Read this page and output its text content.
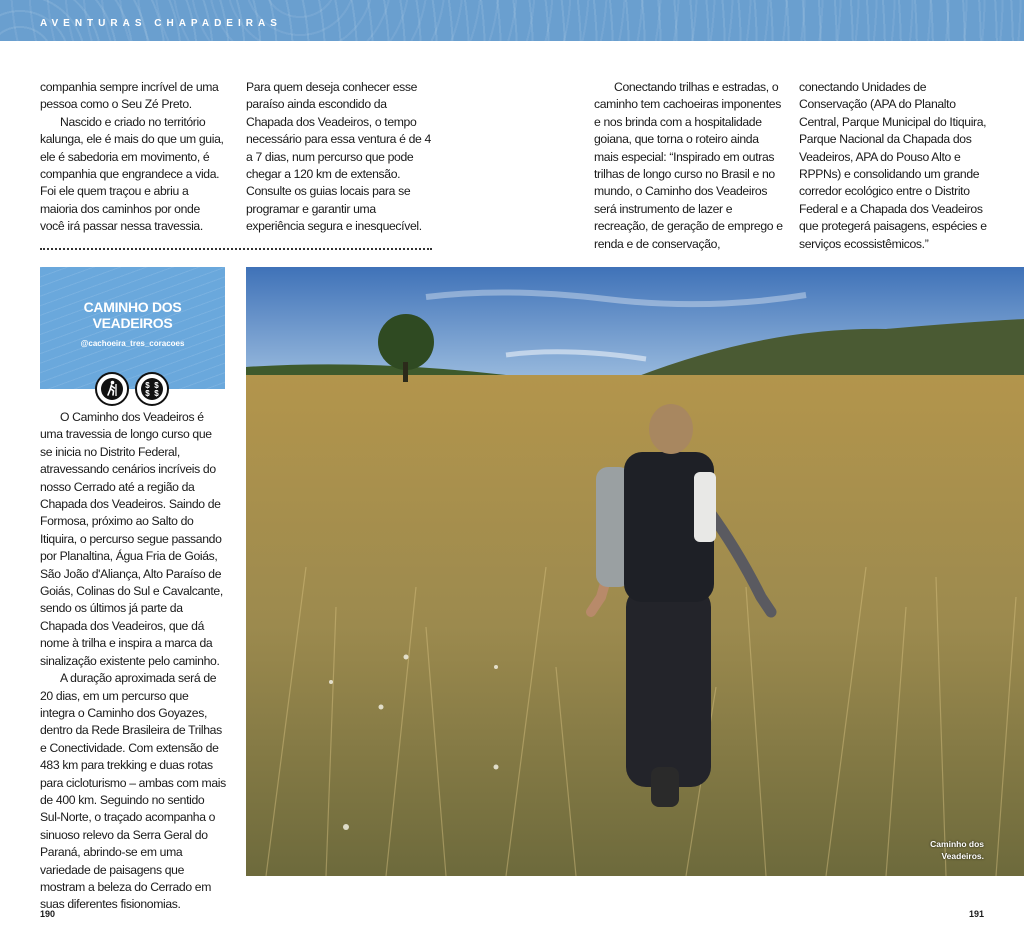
AVENTURAS CHAPADEIRAS

companhia sempre incrível de uma pessoa como o Seu Zé Preto.

Nascido e criado no território kalunga, ele é mais do que um guia, ele é sabedoria em movimento, é companhia que engrandece a vida. Foi ele quem traçou e abriu a maioria dos caminhos por onde você irá passar nessa travessia.

Para quem deseja conhecer esse paraíso ainda escondido da Chapada dos Veadeiros, o tempo necessário para essa ventura é de 4 a 7 dias, num percurso que pode chegar a 120 km de extensão. Consulte os guias locais para se programar e garantir uma experiência segura e inesquecível.

Conectando trilhas e estradas, o caminho tem cachoeiras imponentes e nos brinda com a hospitalidade goiana, que torna o roteiro ainda mais especial: “Inspirado em outras trilhas de longo curso no Brasil e no mundo, o Caminho dos Veadeiros será instrumento de lazer e recreação, de geração de emprego e renda e de conservação,

conectando Unidades de Conservação (APA do Planalto Central, Parque Municipal do Itiquira, Parque Nacional da Chapada dos Veadeiros, APA do Pouso Alto e RPPNs) e consolidando um grande corredor ecológico entre o Distrito Federal e a Chapada dos Veadeiros que protegerá paisagens, espécies e serviços ecossistêmicos.”

CAMINHO DOS
VEADEIROS
@cachoeira_tres_coracoes
$ $
$ $

O Caminho dos Veadeiros é uma travessia de longo curso que se inicia no Distrito Federal, atravessando cenários incríveis do nosso Cerrado até a região da Chapada dos Veadeiros. Saindo de Formosa, próximo ao Salto do Itiquira, o percurso segue passando por Planaltina, Água Fria de Goiás, São João d'Aliança, Alto Paraíso de Goiás, Colinas do Sul e Cavalcante, sendo os últimos já parte da Chapada dos Veadeiros, que dá nome à trilha e inspira a marca da sinalização existente pelo caminho.

A duração aproximada será de 20 dias, em um percurso que integra o Caminho dos Goyazes, dentro da Rede Brasileira de Trilhas e Conectividade. Com extensão de 483 km para trekking e duas rotas para cicloturismo – ambas com mais de 400 km. Seguindo no sentido Sul-Norte, o traçado acompanha o sinuoso relevo da Serra Geral do Paraná, abrindo-se em uma variedade de paisagens que mostram a beleza do Cerrado em suas diferentes fisionomias.

Caminho dos
Veadeiros.
190	191
